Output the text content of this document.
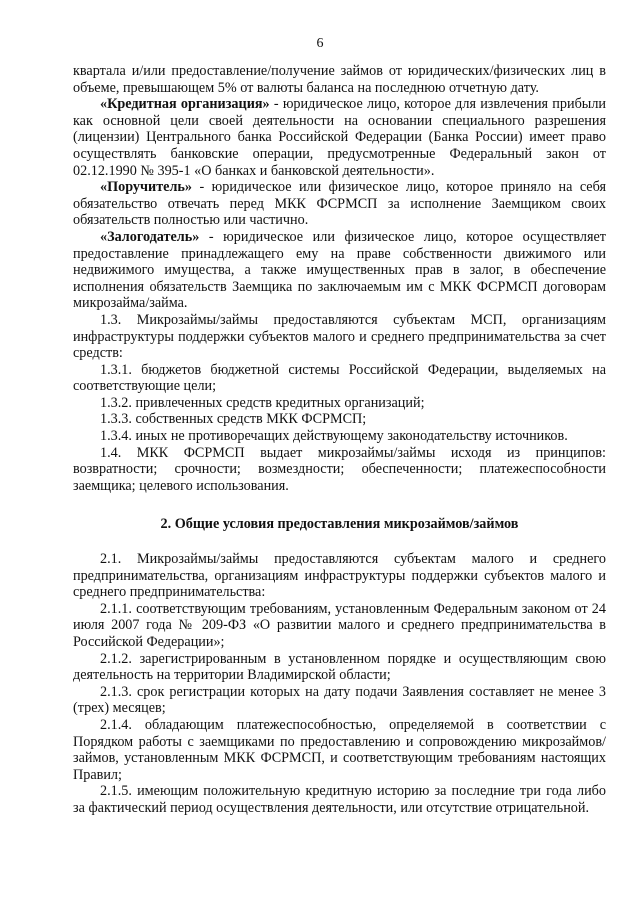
6

квартала и/или предоставление/получение займов от юридических/физических лиц в объеме, превышающем 5% от валюты баланса на последнюю отчетную дату.

«Кредитная организация» - юридическое лицо, которое для извлечения прибыли как основной цели своей деятельности на основании специального разрешения (лицензии) Центрального банка Российской Федерации (Банка России) имеет право осуществлять банковские операции, предусмотренные Федеральный закон от 02.12.1990 № 395-1 «О банках и банковской деятельности».

«Поручитель» - юридическое или физическое лицо, которое приняло на себя обязательство отвечать перед МКК ФСРМСП за исполнение Заемщиком своих обязательств полностью или частично.

«Залогодатель» - юридическое или физическое лицо, которое осуществляет предоставление принадлежащего ему на праве собственности движимого или недвижимого имущества, а также имущественных прав в залог, в обеспечение исполнения обязательств Заемщика по заключаемым им с МКК ФСРМСП договорам микрозайма/займа.

1.3. Микрозаймы/займы предоставляются субъектам МСП, организациям инфраструктуры поддержки субъектов малого и среднего предпринимательства за счет средств:

1.3.1. бюджетов бюджетной системы Российской Федерации, выделяемых на соответствующие цели;

1.3.2. привлеченных средств кредитных организаций;

1.3.3. собственных средств МКК ФСРМСП;

1.3.4. иных не противоречащих действующему законодательству источников.

1.4. МКК ФСРМСП выдает микрозаймы/займы исходя из принципов: возвратности; срочности; возмездности; обеспеченности; платежеспособности заемщика; целевого использования.

2. Общие условия предоставления микрозаймов/займов

2.1. Микрозаймы/займы предоставляются субъектам малого и среднего предпринимательства, организациям инфраструктуры поддержки субъектов малого и среднего предпринимательства:

2.1.1. соответствующим требованиям, установленным Федеральным законом от 24 июля 2007 года № 209-ФЗ «О развитии малого и среднего предпринимательства в Российской Федерации»;

2.1.2. зарегистрированным в установленном порядке и осуществляющим свою деятельность на территории Владимирской области;

2.1.3. срок регистрации которых на дату подачи Заявления составляет не менее 3 (трех) месяцев;

2.1.4. обладающим платежеспособностью, определяемой в соответствии с Порядком работы с заемщиками по предоставлению и сопровождению микрозаймов/займов, установленным МКК ФСРМСП, и соответствующим требованиям настоящих Правил;

2.1.5. имеющим положительную кредитную историю за последние три года либо за фактический период осуществления деятельности, или отсутствие отрицательной.
